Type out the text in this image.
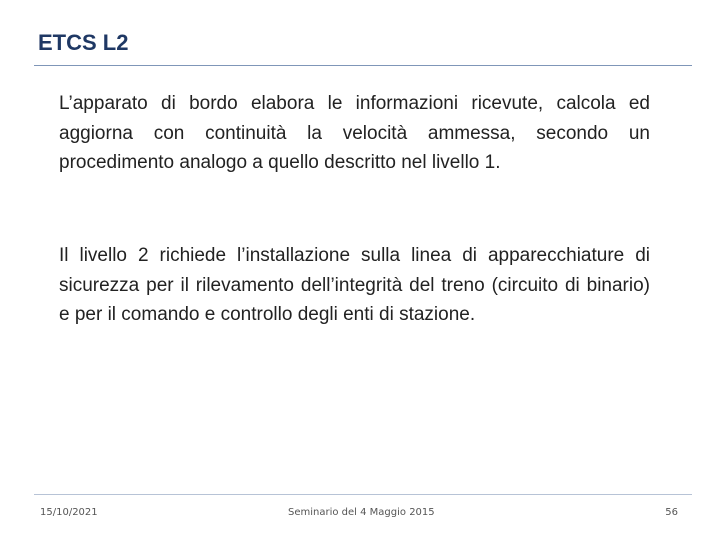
ETCS L2

L’apparato di bordo elabora le informazioni ricevute, calcola ed aggiorna con continuità la velocità ammessa, secondo un procedimento analogo a quello descritto nel livello 1.

Il livello 2 richiede l’installazione sulla linea di apparecchiature di sicurezza per il rilevamento dell’integrità del treno (circuito di binario) e per il comando e controllo degli enti di stazione.

15/10/2021	Seminario del 4 Maggio 2015	56
